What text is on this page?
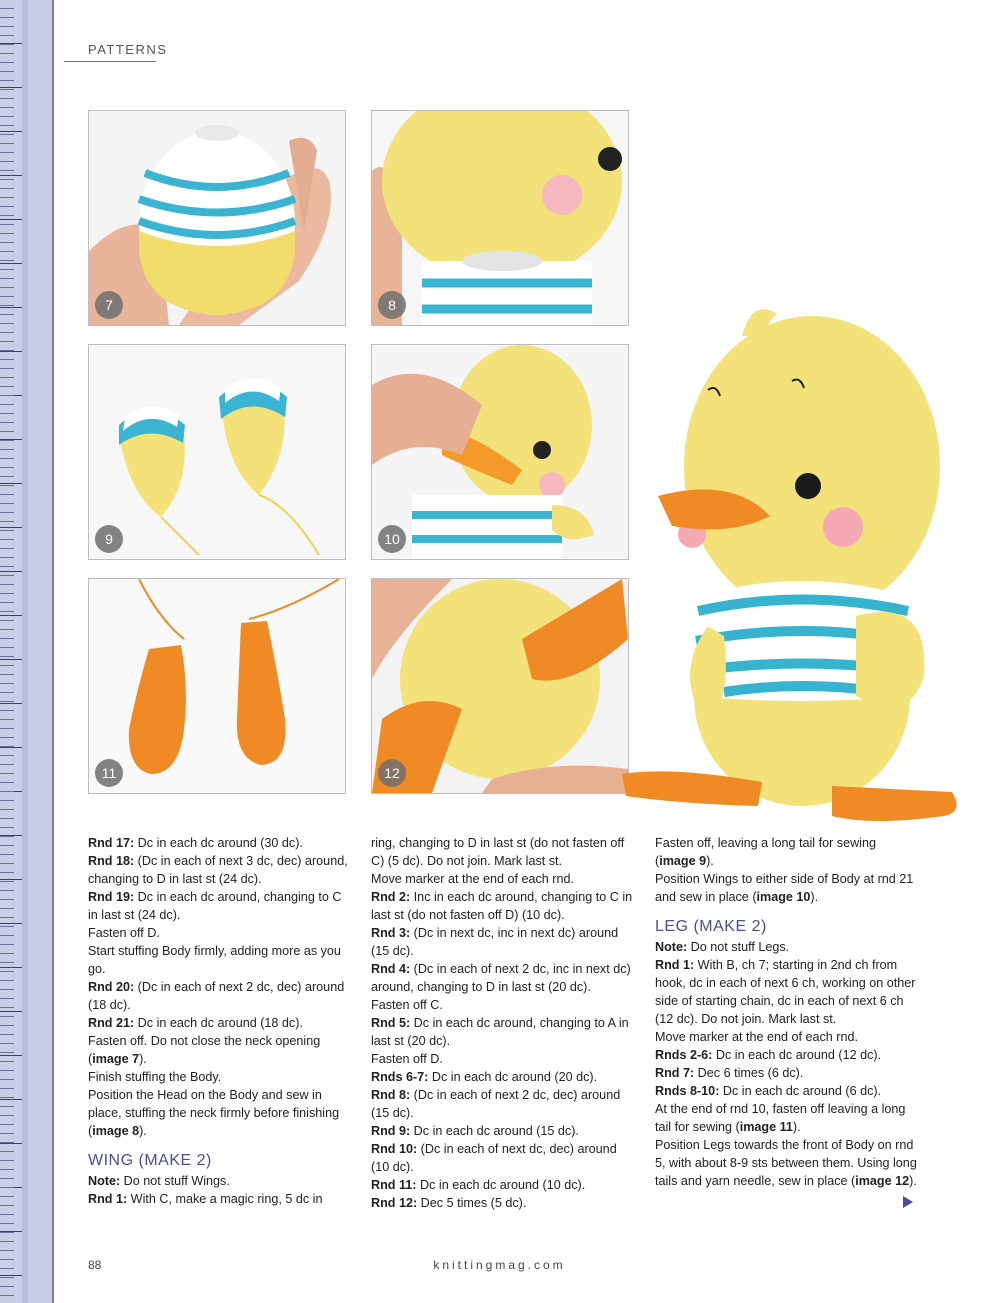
PATTERNS
7	8
9	10
11	12

Rnd 17: Dc in each dc around (30 dc).

Rnd 18: (Dc in each of next 3 dc, dec) around, changing to D in last st (24 dc).

Rnd 19: Dc in each dc around, changing to C in last st (24 dc).

Fasten off D.

Start stuffing Body firmly, adding more as you go.

Rnd 20: (Dc in each of next 2 dc, dec) around (18 dc).

Rnd 21: Dc in each dc around (18 dc).

Fasten off. Do not close the neck opening (image 7).

Finish stuffing the Body.

Position the Head on the Body and sew in place, stuffing the neck firmly before finishing (image 8).

WING (MAKE 2)

Note: Do not stuff Wings.

Rnd 1: With C, make a magic ring, 5 dc in

ring, changing to D in last st (do not fasten off C) (5 dc). Do not join. Mark last st.

Move marker at the end of each rnd.

Rnd 2: Inc in each dc around, changing to C in last st (do not fasten off D) (10 dc).

Rnd 3: (Dc in next dc, inc in next dc) around (15 dc).

Rnd 4: (Dc in each of next 2 dc, inc in next dc) around, changing to D in last st (20 dc).

Fasten off C.

Rnd 5: Dc in each dc around, changing to A in last st (20 dc).

Fasten off D.

Rnds 6-7: Dc in each dc around (20 dc).

Rnd 8: (Dc in each of next 2 dc, dec) around (15 dc).

Rnd 9: Dc in each dc around (15 dc).

Rnd 10: (Dc in each of next dc, dec) around (10 dc).

Rnd 11: Dc in each dc around (10 dc).

Rnd 12: Dec 5 times (5 dc).

Fasten off, leaving a long tail for sewing (image 9).

Position Wings to either side of Body at rnd 21 and sew in place (image 10).

LEG (MAKE 2)

Note: Do not stuff Legs.

Rnd 1: With B, ch 7; starting in 2nd ch from hook, dc in each of next 6 ch, working on other side of starting chain, dc in each of next 6 ch (12 dc). Do not join. Mark last st.

Move marker at the end of each rnd.

Rnds 2-6: Dc in each dc around (12 dc).

Rnd 7: Dec 6 times (6 dc).

Rnds 8-10: Dc in each dc around (6 dc).

At the end of rnd 10, fasten off leaving a long tail for sewing (image 11).

Position Legs towards the front of Body on rnd 5, with about 8-9 sts between them. Using long tails and yarn needle, sew in place (image 12).

88	knittingmag.com
